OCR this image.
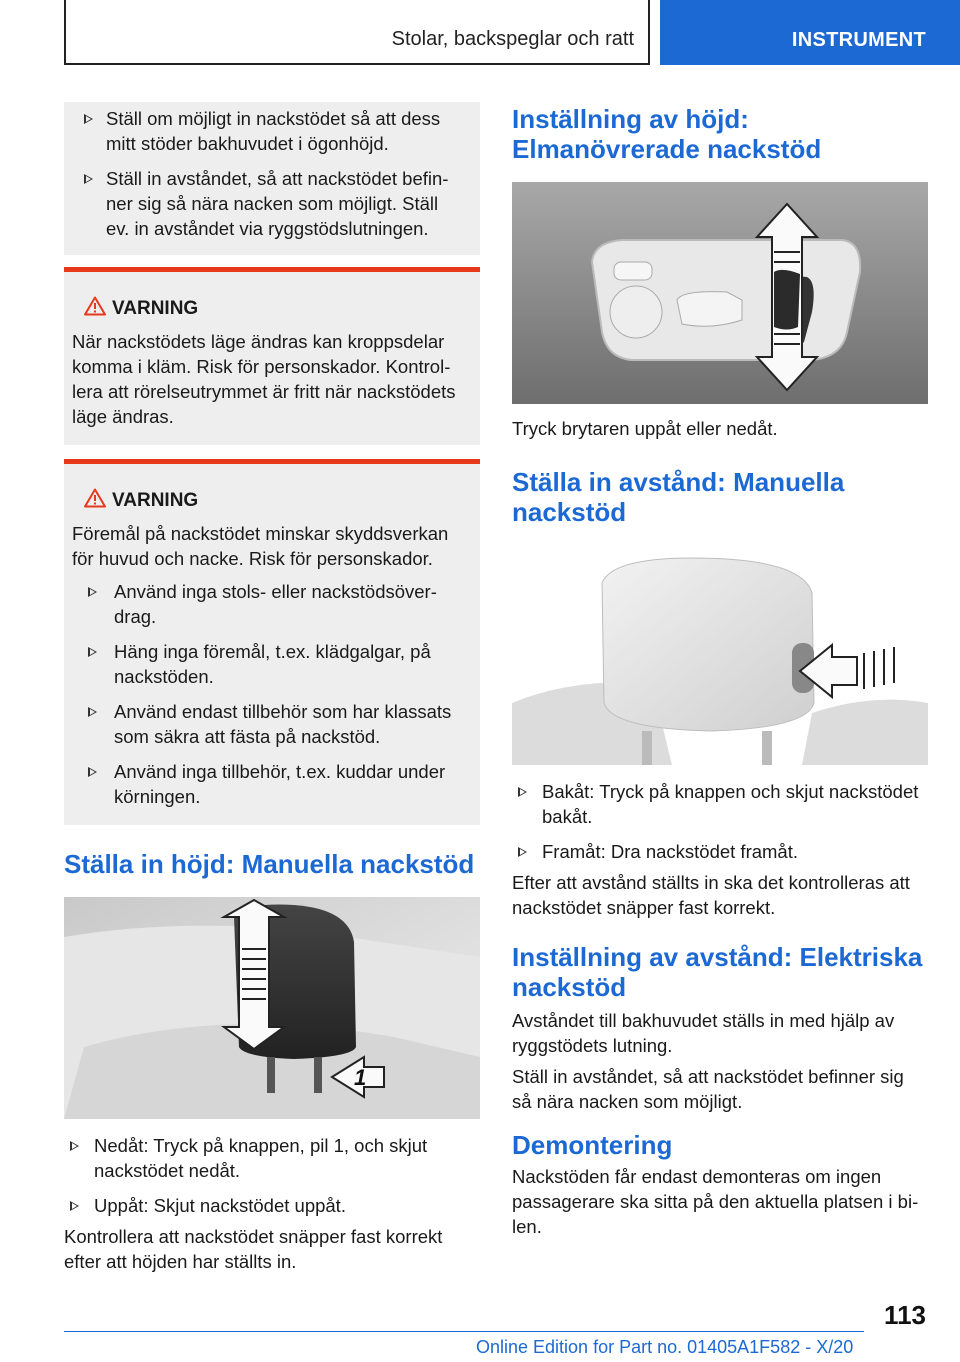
Stolar, backspeglar och ratt	INSTRUMENT
Ställ om möjligt in nackstödet så att dess mitt stöder bakhuvudet i ögonhöjd.
Ställ in avståndet, så att nackstödet befinner sig så nära nacken som möjligt. Ställ ev. in avståndet via ryggstödslutningen.
VARNING

När nackstödets läge ändras kan kroppsdelar komma i kläm. Risk för personskador. Kontrollera att rörelseutrymmet är fritt när nackstödets läge ändras.

VARNING

Föremål på nackstödet minskar skyddsverkan för huvud och nacke. Risk för personskador.

Använd inga stols- eller nackstödsöverdrag.
Häng inga föremål, t.ex. klädgalgar, på nackstöden.
Använd endast tillbehör som har klassats som säkra att fästa på nackstöd.
Använd inga tillbehör, t.ex. kuddar under körningen.
Ställa in höjd: Manuella nackstöd
1
Nedåt: Tryck på knappen, pil 1, och skjut nackstödet nedåt.
Uppåt: Skjut nackstödet uppåt.

Kontrollera att nackstödet snäpper fast korrekt efter att höjden har ställts in.

Inställning av höjd: Elmanövrerade nackstöd

Tryck brytaren uppåt eller nedåt.

Ställa in avstånd: Manuella nackstöd
Bakåt: Tryck på knappen och skjut nackstödet bakåt.
Framåt: Dra nackstödet framåt.

Efter att avstånd ställts in ska det kontrolleras att nackstödet snäpper fast korrekt.

Inställning av avstånd: Elektriska nackstöd

Avståndet till bakhuvudet ställs in med hjälp av ryggstödets lutning.

Ställ in avståndet, så att nackstödet befinner sig så nära nacken som möjligt.

Demontering

Nackstöden får endast demonteras om ingen passagerare ska sitta på den aktuella platsen i bilen.

113
Online Edition for Part no. 01405A1F582 - X/20
